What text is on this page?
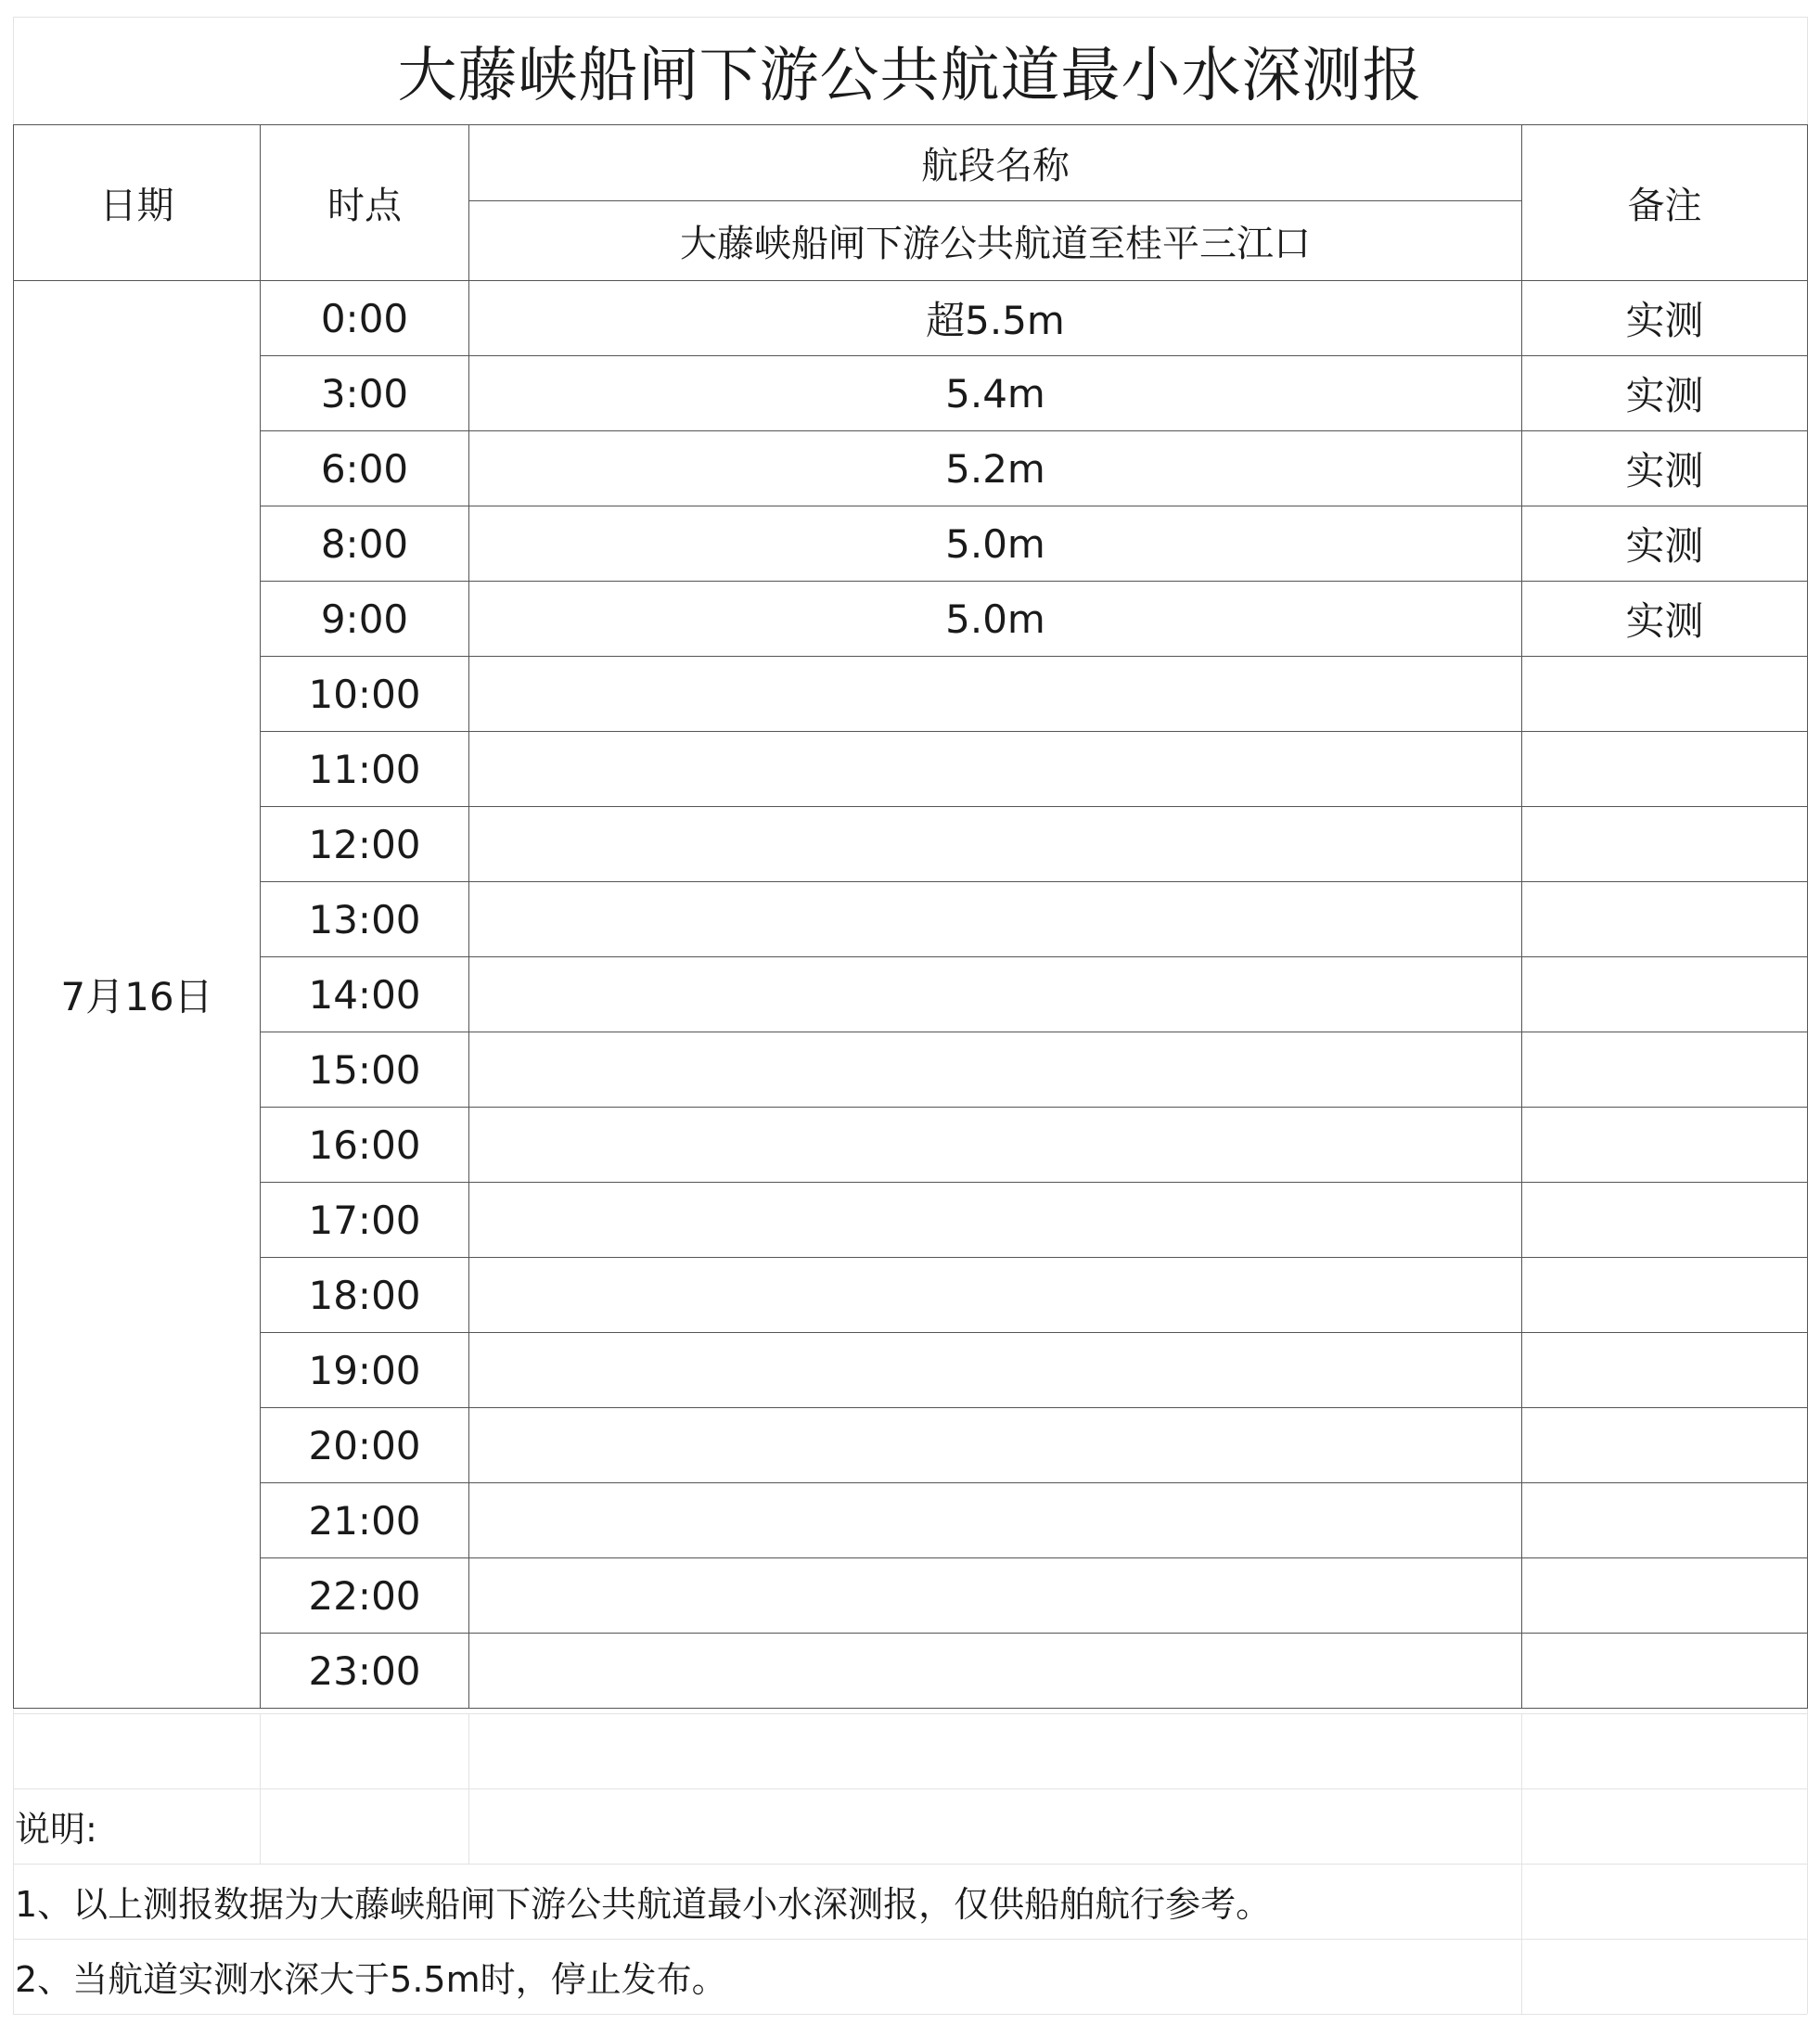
大藤峡船闸下游公共航道最小水深测报
日期	时点	航段名称	备注
		大藤峡船闸下游公共航道至桂平三江口	
7月16日	0:00	超5.5m	实测
	3:00	5.4m	实测
	6:00	5.2m	实测
	8:00	5.0m	实测
	9:00	5.0m	实测
	10:00		
	11:00		
	12:00		
	13:00		
	14:00		
	15:00		
	16:00		
	17:00		
	18:00		
	19:00		
	20:00		
	21:00		
	22:00		
	23:00		
说明:
1、以上测报数据为大藤峡船闸下游公共航道最小水深测报，仅供船舶航行参考。
2、当航道实测水深大于5.5m时，停止发布。
